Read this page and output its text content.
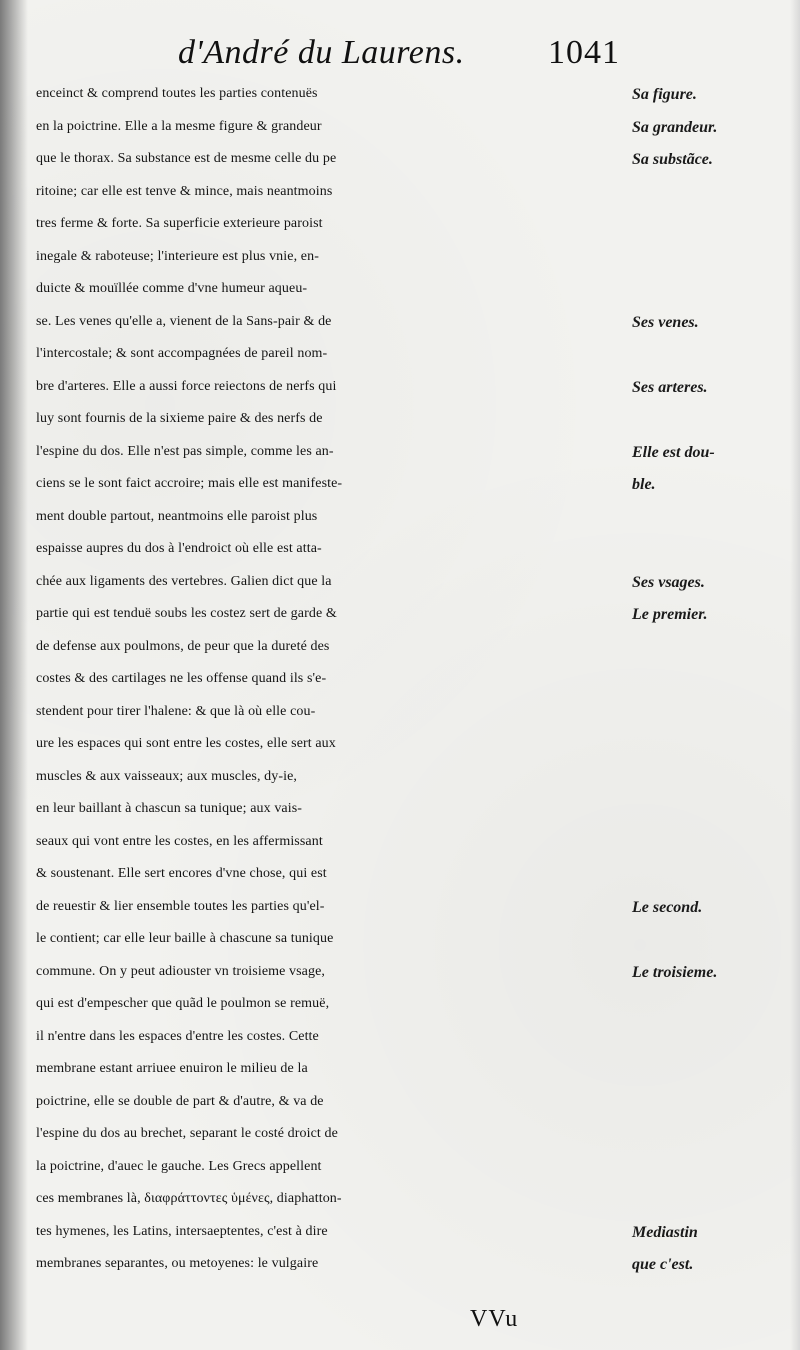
d'André du Laurens. 1041
enceinct & comprend toutes les parties contenuës
en la poictrine. Elle a la mesme figure & grandeur
que le thorax. Sa substance est de mesme celle du pe
ritoine; car elle est tenve & mince, mais neantmoins
tres ferme & forte. Sa superficie exterieure paroist
inegale & raboteuse; l'interieure est plus vnie, en-
duicte & mouïllée comme d'vne humeur aqueu-
se. Les venes qu'elle a, vienent de la Sans-pair & de
l'intercostale; & sont accompagnées de pareil nom-
bre d'arteres. Elle a aussi force reiectons de nerfs qui
luy sont fournis de la sixieme paire & des nerfs de
l'espine du dos. Elle n'est pas simple, comme les an-
ciens se le sont faict accroire; mais elle est manifeste-
ment double partout, neantmoins elle paroist plus
espaisse aupres du dos à l'endroict où elle est atta-
chée aux ligaments des vertebres. Galien dict que la
partie qui est tenduë soubs les costez sert de garde &
de defense aux poulmons, de peur que la dureté des
costes & des cartilages ne les offense quand ils s'e-
stendent pour tirer l'halene: & que là où elle cou-
ure les espaces qui sont entre les costes, elle sert aux
muscles & aux vaisseaux; aux muscles, dy-ie,
en leur baillant à chascun sa tunique; aux vais-
seaux qui vont entre les costes, en les affermissant
& soustenant. Elle sert encores d'vne chose, qui est
de reuestir & lier ensemble toutes les parties qu'el-
le contient; car elle leur baille à chascune sa tunique
commune. On y peut adiouster vn troisieme vsage,
qui est d'empescher que quãd le poulmon se remuë,
il n'entre dans les espaces d'entre les costes. Cette
membrane estant arriuee enuiron le milieu de la
poictrine, elle se double de part & d'autre, & va de
l'espine du dos au brechet, separant le costé droict de
la poictrine, d'auec le gauche. Les Grecs appellent
ces membranes là, διαφράττοντες ὑμένες, diaphatton-
tes hymenes, les Latins, intersaeptentes, c'est à dire
membranes separantes, ou metoyenes: le vulgaire
Sa figure.
Sa grandeur.
Sa substãce.
Ses venes.
Ses arteres.
Elle est dou-
ble.
Ses vsages.
Le premier.
Le second.
Le troisieme.
Mediastin
que c'est.
VVu
